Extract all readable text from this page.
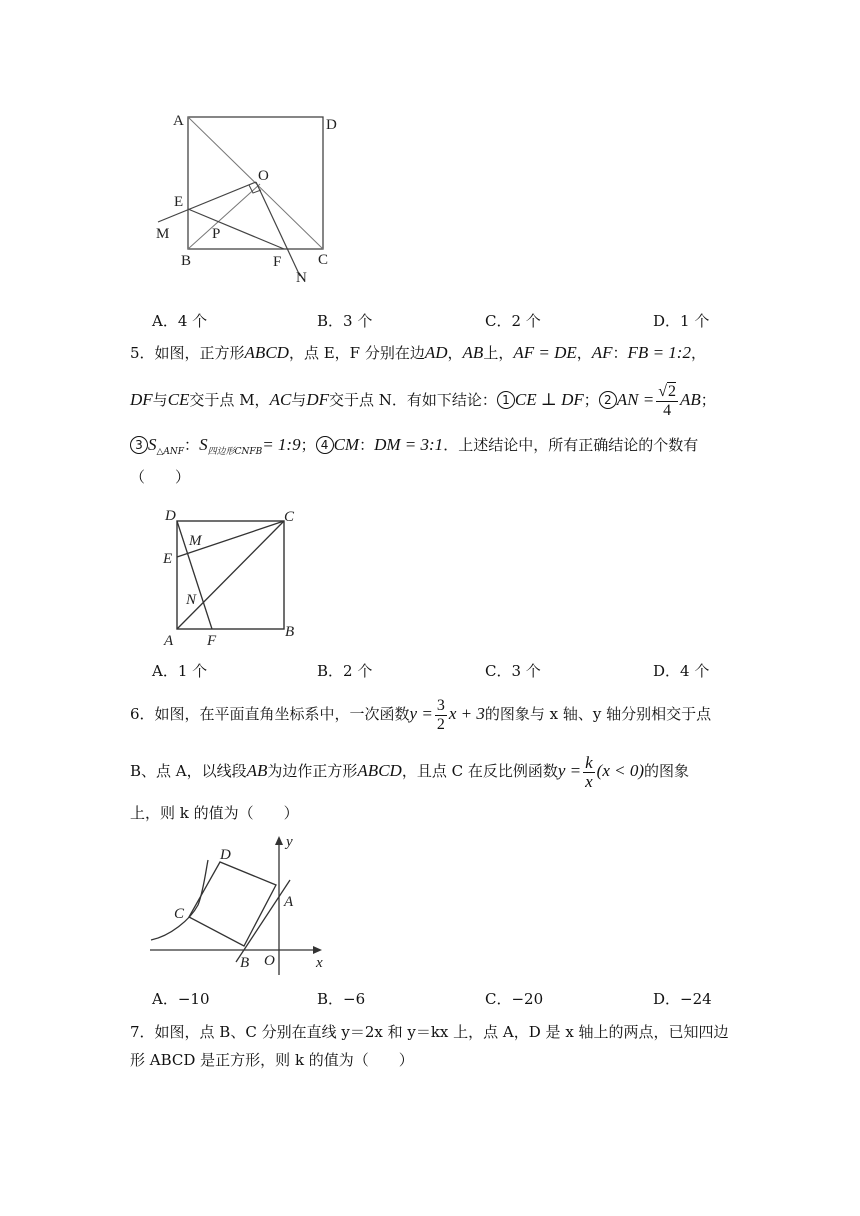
A	D
O
E
M	P
B	F C
N
A．4 个	B．3 个	C．2 个	D．1 个
5．如图，正方形ABCD，点 E，F 分别在边AD，AB上，AF = DE，AF：FB = 1:2，
DF与CE交于点 M，AC与DF交于点 N．有如下结论： 1 CE ⊥ DF； 2 AN = $\frac{√2}{4}$ AB；
3 $S_{\triangle ANF}$：$S_{四边形CNFB}=$ 1:9； 4 CM：DM = 3:1．上述结论中，所有正确结论的个数有
（　　）
D	C
M
E
N
A F
B
A．1 个	B．2 个	C．3 个	D．4 个
6．如图，在平面直角坐标系中，一次函数$y = \frac{3}{2}$ x + 3的图象与 x 轴、y 轴分别相交于点
B、点 A，以线段AB为边作正方形ABCD，且点 C 在反比例函数$y = \frac{k}{x} (x < 0)$的图象
上，则 k 的值为（　　）
y
D
A
C
B O	x
A．−10	B．−6	C．−20	D．−24
7．如图，点 B、C 分别在直线 y＝2x 和 y＝kx 上，点 A，D 是 x 轴上的两点，已知四边
形 ABCD 是正方形，则 k 的值为（　　）
